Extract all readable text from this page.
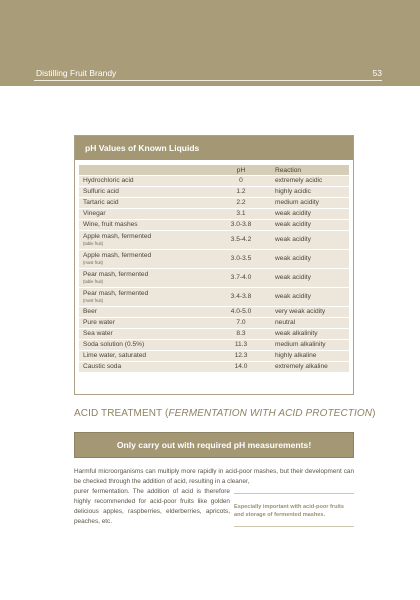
Distilling Fruit Brandy	53
pH Values of Known Liquids
	pH	Reaction
Hydrochloric acid	0	extremely acidic
Sulfuric acid	1.2	highly acidic
Tartaric acid	2.2	medium acidity
Vinegar	3.1	weak acidity
Wine, fruit mashes	3.0-3.8	weak acidity
Apple mash, fermented
(table fruit)	3.5-4.2	weak acidity
Apple mash, fermented
(most fruit)	3.0-3.5	weak acidity
Pear mash, fermented
(table fruit)	3.7-4.0	weak acidity
Pear mash, fermented
(most fruit)	3.4-3.8	weak acidity
Beer	4.0-5.0	very weak acidity
Pure water	7.0	neutral
Sea water	8.3	weak alkalinity
Soda solution (0.5%)	11.3	medium alkalinity
Lime water, saturated	12.3	highly alkaline
Caustic soda	14.0	extremely alkaline
ACID TREATMENT (FERMENTATION WITH ACID PROTECTION)
Only carry out with required pH measurements!
Harmful microorganisms can multiply more rapidly in acid-poor mashes, but their development can be checked through the addition of acid, resulting in a cleaner,
purer fermentation. The addition of acid is therefore highly recommended for acid-poor fruits like golden delicious apples, raspberries, elderberries, apricots, peaches, etc.
Especially important with acid-poor fruits and storage of fermented mashes.
